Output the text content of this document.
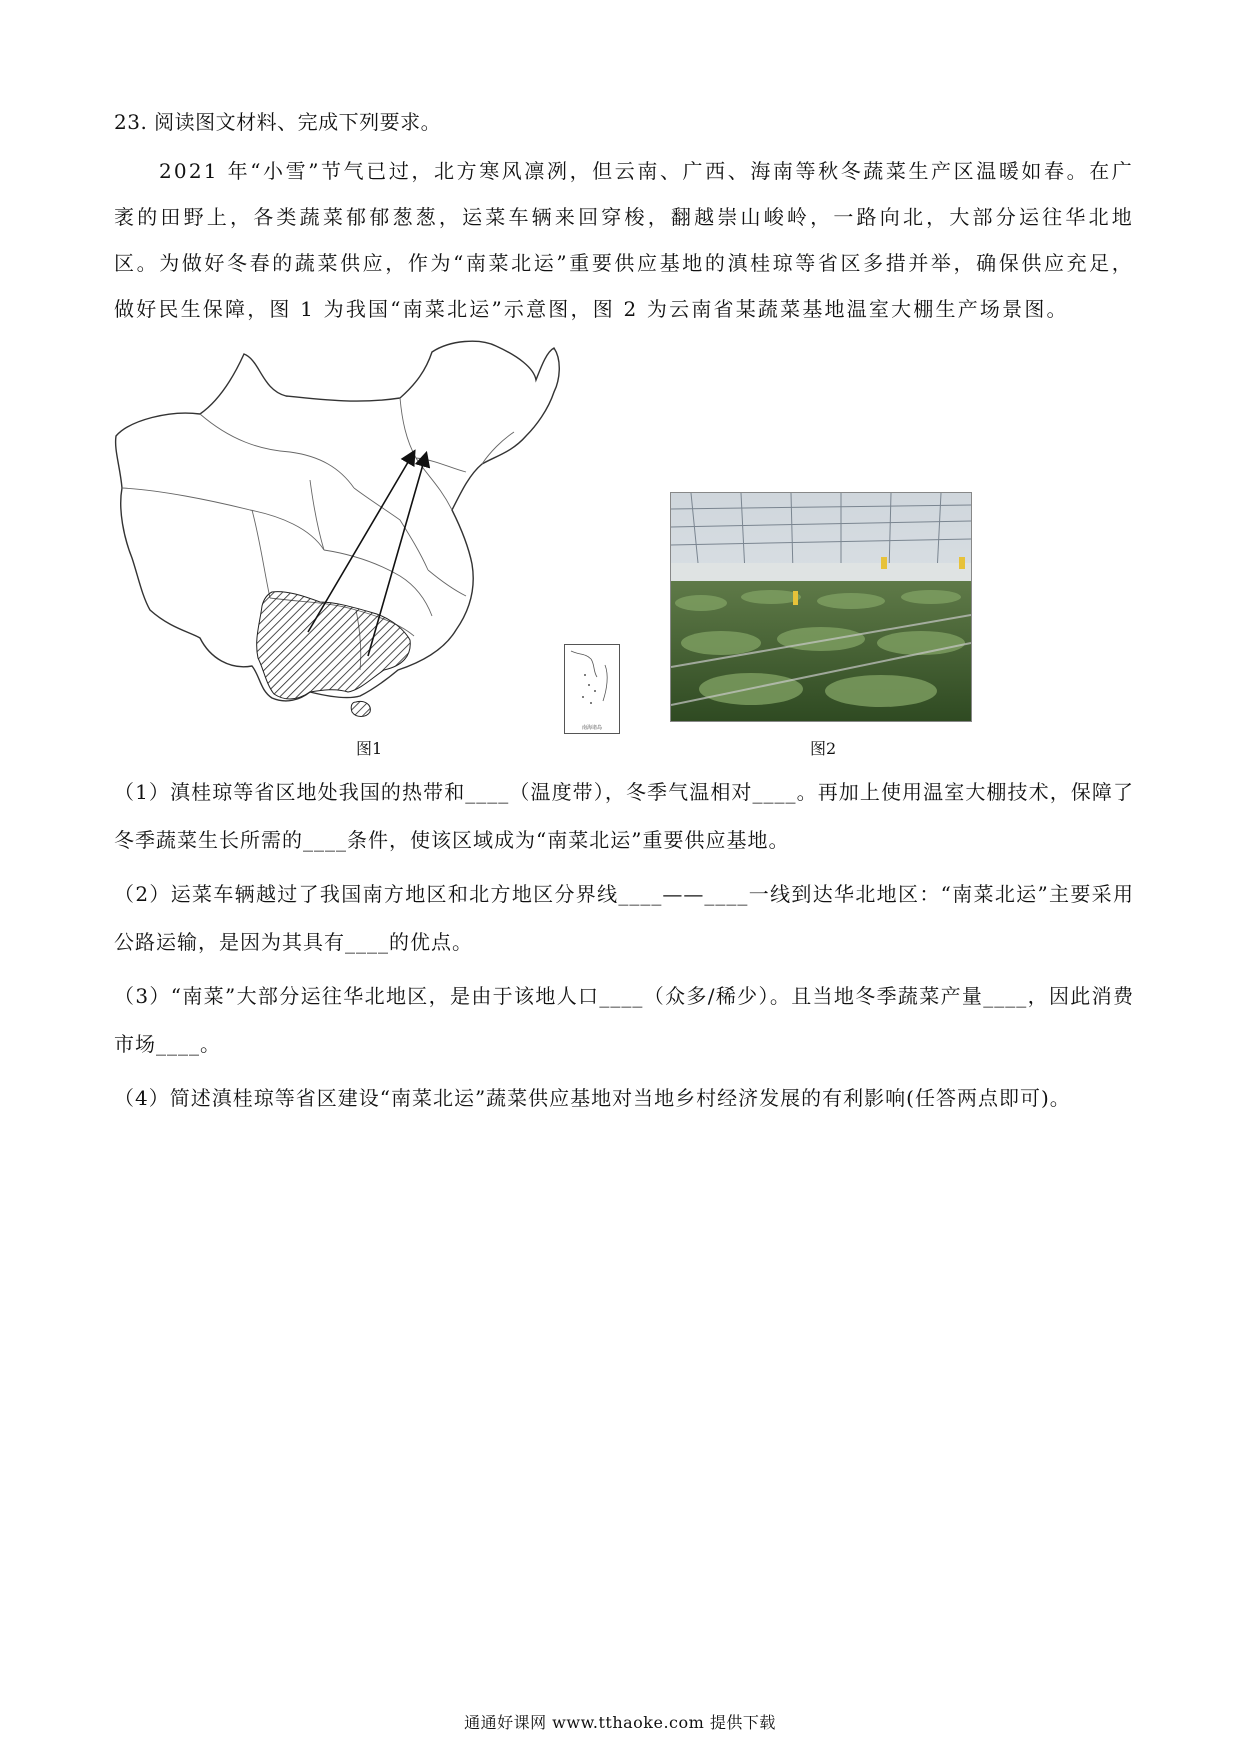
23. 阅读图文材料、完成下列要求。

2021 年“小雪”节气已过，北方寒风凛冽，但云南、广西、海南等秋冬蔬菜生产区温暖如春。在广袤的田野上，各类蔬菜郁郁葱葱，运菜车辆来回穿梭，翻越崇山峻岭，一路向北，大部分运往华北地区。为做好冬春的蔬菜供应，作为“南菜北运”重要供应基地的滇桂琼等省区多措并举，确保供应充足，做好民生保障，图 1 为我国“南菜北运”示意图，图 2 为云南省某蔬菜基地温室大棚生产场景图。

南海诸岛
图1	图2

（1）滇桂琼等省区地处我国的热带和____（温度带），冬季气温相对____。再加上使用温室大棚技术，保障了冬季蔬菜生长所需的____条件，使该区域成为“南菜北运”重要供应基地。

（2）运菜车辆越过了我国南方地区和北方地区分界线____——____一线到达华北地区：“南菜北运”主要采用公路运输，是因为其具有____的优点。

（3）“南菜”大部分运往华北地区，是由于该地人口____（众多/稀少）。且当地冬季蔬菜产量____，因此消费市场____。

（4）简述滇桂琼等省区建设“南菜北运”蔬菜供应基地对当地乡村经济发展的有利影响(任答两点即可)。

通通好课网 www.tthaoke.com 提供下载
